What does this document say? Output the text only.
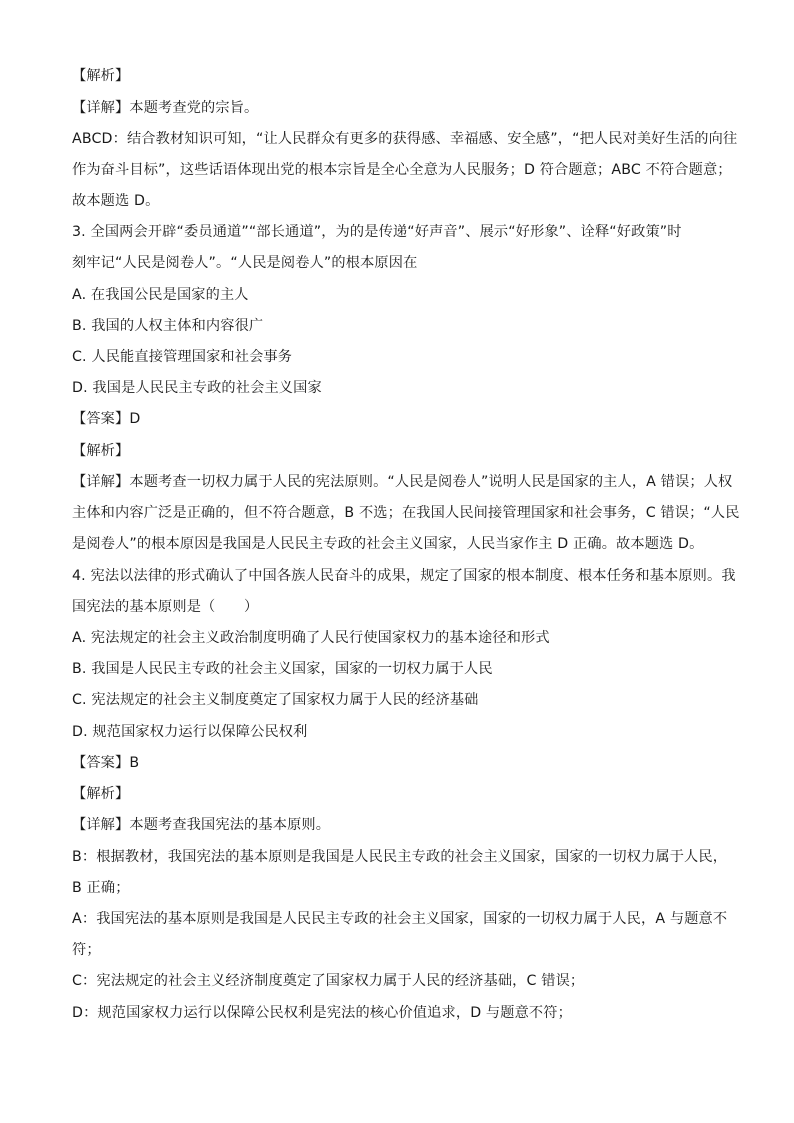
【解析】
【详解】本题考查党的宗旨。
ABCD：结合教材知识可知，“让人民群众有更多的获得感、幸福感、安全感”，“把人民对美好生活的向往
作为奋斗目标”，这些话语体现出党的根本宗旨是全心全意为人民服务；D 符合题意；ABC 不符合题意；
故本题选 D。
3. 全国两会开辟“委员通道”“部长通道”，为的是传递“好声音”、展示“好形象”、诠释“好政策”时
刻牢记“人民是阅卷人”。“人民是阅卷人”的根本原因在
A. 在我国公民是国家的主人
B. 我国的人权主体和内容很广
C. 人民能直接管理国家和社会事务
D. 我国是人民民主专政的社会主义国家
【答案】D
【解析】
【详解】本题考查一切权力属于人民的宪法原则。“人民是阅卷人”说明人民是国家的主人，A 错误；人权
主体和内容广泛是正确的，但不符合题意，B 不选；在我国人民间接管理国家和社会事务，C 错误；“人民
是阅卷人”的根本原因是我国是人民民主专政的社会主义国家，人民当家作主 D 正确。故本题选 D。
4. 宪法以法律的形式确认了中国各族人民奋斗的成果，规定了国家的根本制度、根本任务和基本原则。我
国宪法的基本原则是（　　）
A. 宪法规定的社会主义政治制度明确了人民行使国家权力的基本途径和形式
B. 我国是人民民主专政的社会主义国家，国家的一切权力属于人民
C. 宪法规定的社会主义制度奠定了国家权力属于人民的经济基础
D. 规范国家权力运行以保障公民权利
【答案】B
【解析】
【详解】本题考查我国宪法的基本原则。
B：根据教材，我国宪法的基本原则是我国是人民民主专政的社会主义国家，国家的一切权力属于人民，
B 正确；
A：我国宪法的基本原则是我国是人民民主专政的社会主义国家，国家的一切权力属于人民，A 与题意不
符；
C：宪法规定的社会主义经济制度奠定了国家权力属于人民的经济基础，C 错误；
D：规范国家权力运行以保障公民权利是宪法的核心价值追求，D 与题意不符；
